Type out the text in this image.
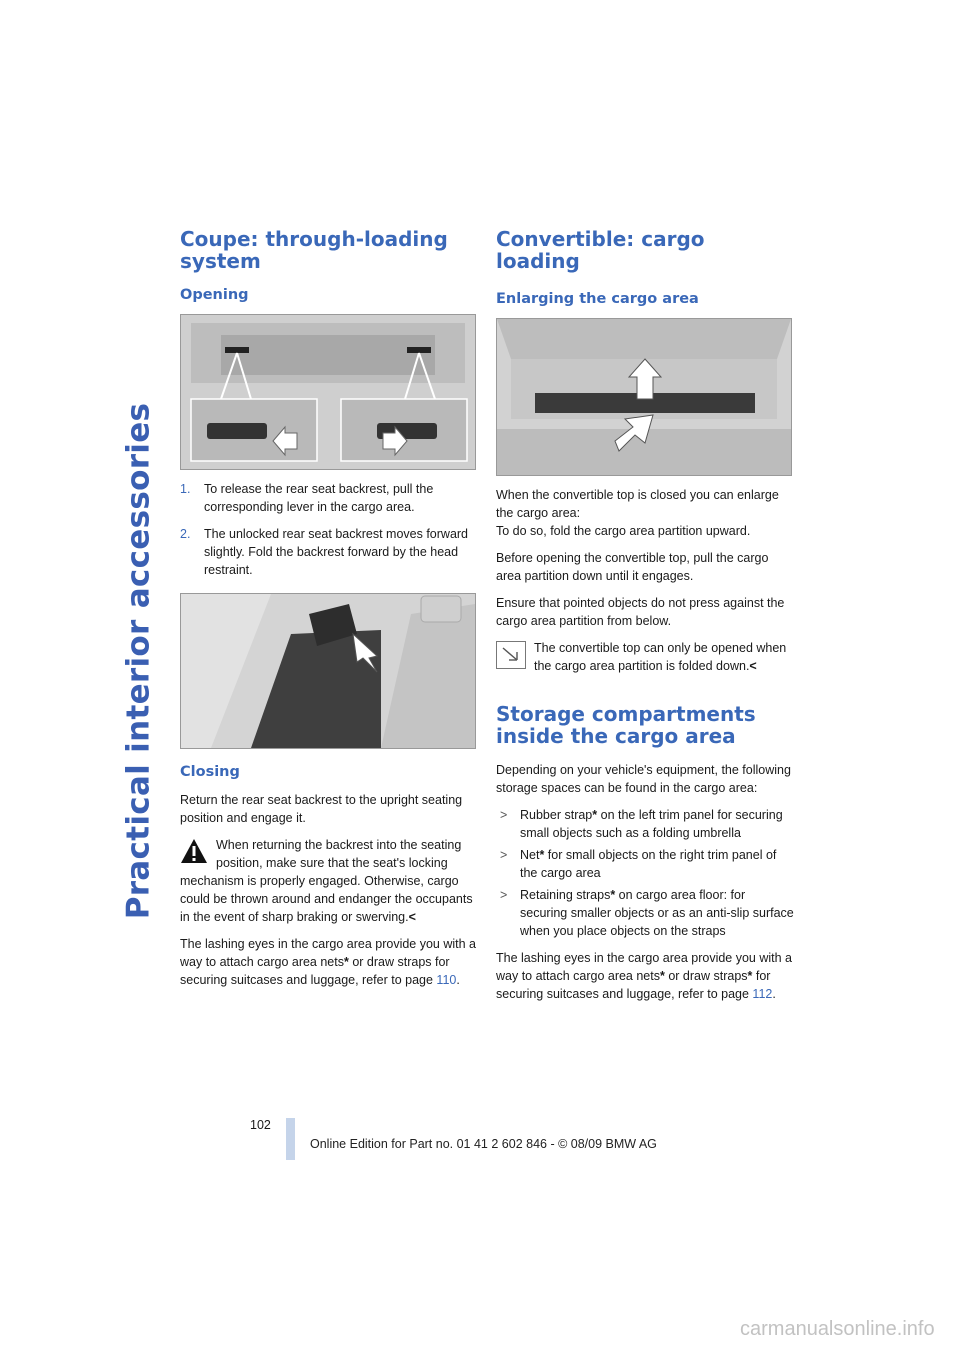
Practical interior accessories
Coupe: through-loading system
Opening
1. To release the rear seat backrest, pull the corresponding lever in the cargo area.
2. The unlocked rear seat backrest moves forward slightly. Fold the backrest forward by the head restraint.
Closing

Return the rear seat backrest to the upright seating position and engage it.

When returning the backrest into the seating position, make sure that the seat's locking mechanism is properly engaged. Otherwise, cargo could be thrown around and endanger the occupants in the event of sharp braking or swerving.<

The lashing eyes in the cargo area provide you with a way to attach cargo area nets* or draw straps for securing suitcases and luggage, refer to page 110.

Convertible: cargo loading
Enlarging the cargo area

When the convertible top is closed you can enlarge the cargo area:
To do so, fold the cargo area partition upward.

Before opening the convertible top, pull the cargo area partition down until it engages.

Ensure that pointed objects do not press against the cargo area partition from below.

The convertible top can only be opened when the cargo area partition is folded down.<

Storage compartments inside the cargo area

Depending on your vehicle's equipment, the following storage spaces can be found in the cargo area:

> Rubber strap* on the left trim panel for securing small objects such as a folding umbrella
> Net* for small objects on the right trim panel of the cargo area
> Retaining straps* on cargo area floor: for securing smaller objects or as an anti-slip surface when you place objects on the straps

The lashing eyes in the cargo area provide you with a way to attach cargo area nets* or draw straps* for securing suitcases and luggage, refer to page 112.

102
Online Edition for Part no. 01 41 2 602 846 - © 08/09 BMW AG
carmanualsonline.info
